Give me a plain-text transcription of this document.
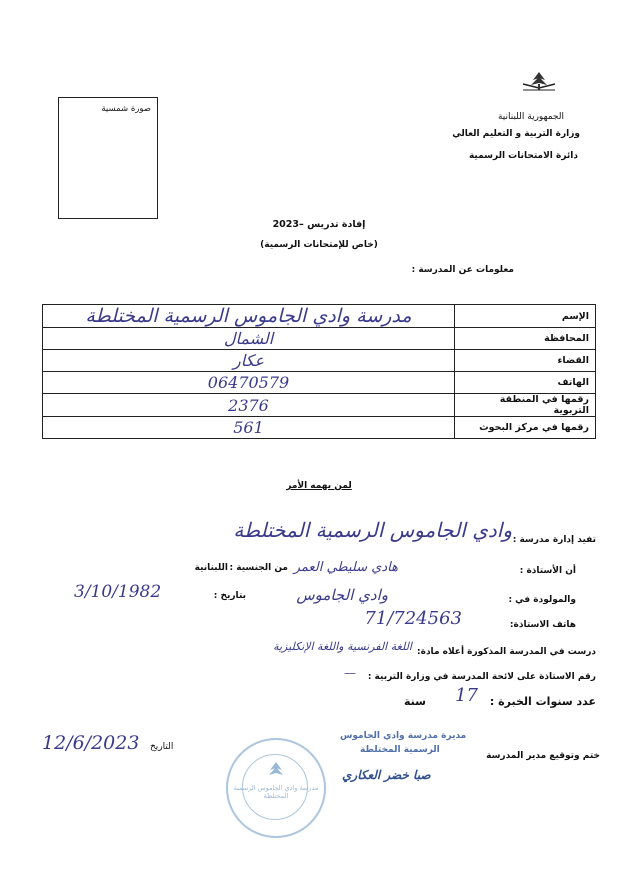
الجمهورية اللبنانية
وزارة التربية و التعليم العالي
دائرة الامتحانات الرسمية
صورة شمسية
إفادة تدريس –2023
(خاص للإمتحانات الرسمية)
معلومات عن المدرسة :
الإسم	مدرسة وادي الجاموس الرسمية المختلطة
المحافظة	الشمال
القضاء	عكار
الهاتف	06470579
رقمها في المنطقة التربوية	2376
رقمها في مركز البحوث	561
لمن يهمه الأمر
تفيد إدارة مدرسة :
وادي الجاموس الرسمية المختلطة
أن الأستاذة :
هادي سليطي العمر
من الجنسية :
اللبنانية
والمولودة في :
وادي الجاموس
بتاريخ :
3/10/1982
هاتف الاستاذة:
71/724563
درست في المدرسة المذكورة أعلاه مادة:
اللغة الفرنسية واللغة الإنكليزية
رقم الاستاذة على لائحة المدرسة في وزارة التربية :
—
عدد سنوات الخبرة :
17
سنة
ختم وتوقيع مدير المدرسة
التاريخ
12/6/2023	مديرة مدرسة وادي الجاموس
الرسمية المختلطة
صبا خضر العكاري
مدرسة وادي الجاموس الرسمية المختلطة
